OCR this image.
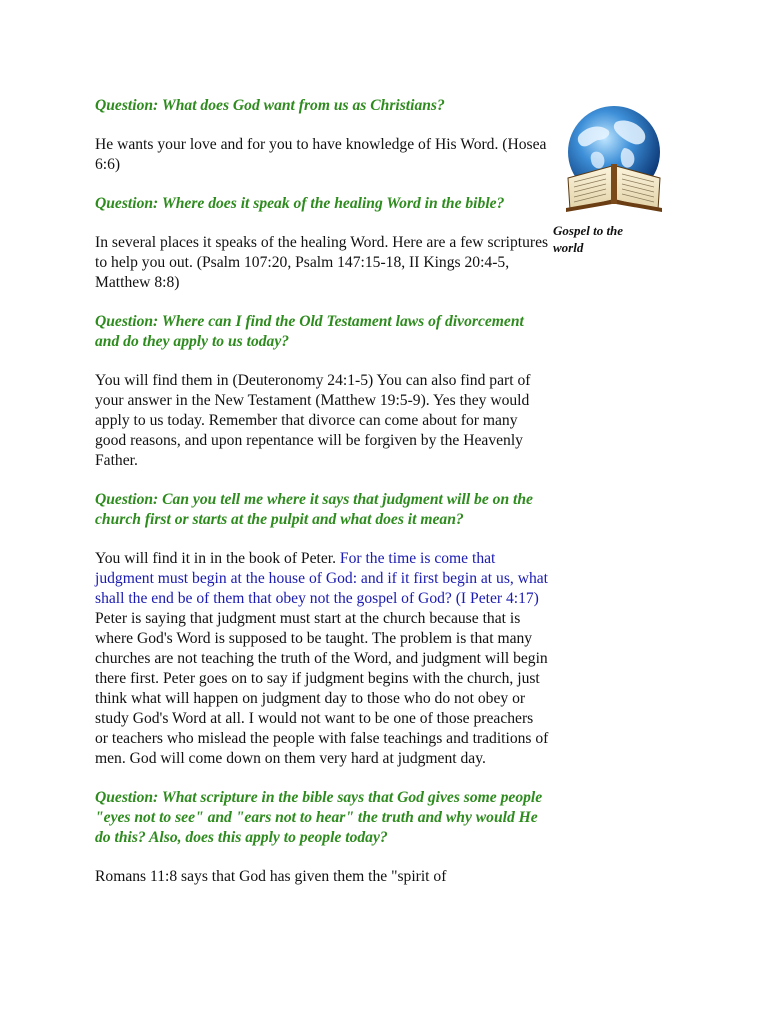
Question: What does God want from us as Christians?

He wants your love and for you to have knowledge of His Word. (Hosea 6:6)

Question: Where does it speak of the healing Word in the bible?

In several places it speaks of the healing Word. Here are a few scriptures to help you out. (Psalm 107:20, Psalm 147:15-18, II Kings 20:4-5, Matthew 8:8)

Question: Where can I find the Old Testament laws of divorcement and do they apply to us today?

You will find them in (Deuteronomy 24:1-5) You can also find part of your answer in the New Testament (Matthew 19:5-9). Yes they would apply to us today. Remember that divorce can come about for many good reasons, and upon repentance will be forgiven by the Heavenly Father.

Question: Can you tell me where it says that judgment will be on the church first or starts at the pulpit and what does it mean?

You will find it in in the book of Peter. For the time is come that judgment must begin at the house of God: and if it first begin at us, what shall the end be of them that obey not the gospel of God? (I Peter 4:17) Peter is saying that judgment must start at the church because that is where God's Word is supposed to be taught. The problem is that many churches are not teaching the truth of the Word, and judgment will begin there first. Peter goes on to say if judgment begins with the church, just think what will happen on judgment day to those who do not obey or study God's Word at all. I would not want to be one of those preachers or teachers who mislead the people with false teachings and traditions of men. God will come down on them very hard at judgment day.

Question: What scripture in the bible says that God gives some people "eyes not to see" and "ears not to hear" the truth and why would He do this? Also, does this apply to people today?

Romans 11:8 says that God has given them the "spirit of

Gospel to the world
